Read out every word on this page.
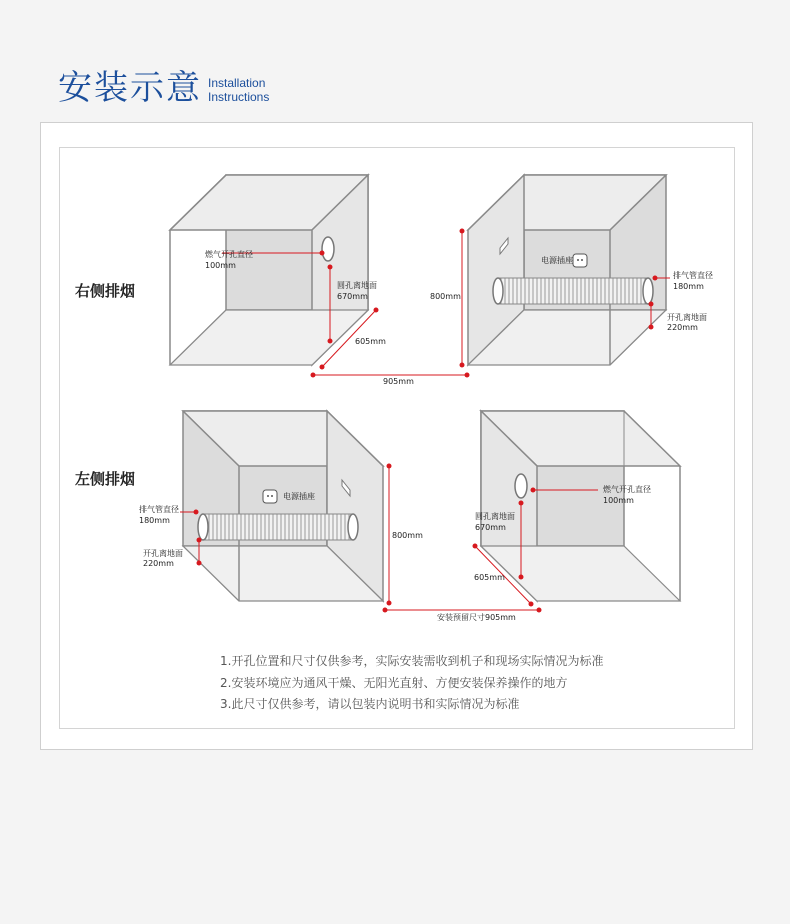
安装示意 Installation
Instructions
右侧排烟
燃气开孔直径
100mm
圆孔离地面
670mm
605mm
905mm
800mm
电源插座
排气管直径
180mm
开孔离地面
220mm
左侧排烟
排气管直径
180mm
开孔离地面
220mm
电源插座
800mm
安装预留尺寸905mm
燃气开孔直径
100mm
圆孔离地面
670mm
605mm
1.开孔位置和尺寸仅供参考，实际安装需收到机子和现场实际情况为标准
2.安装环境应为通风干燥、无阳光直射、方便安装保养操作的地方
3.此尺寸仅供参考，请以包装内说明书和实际情况为标准
